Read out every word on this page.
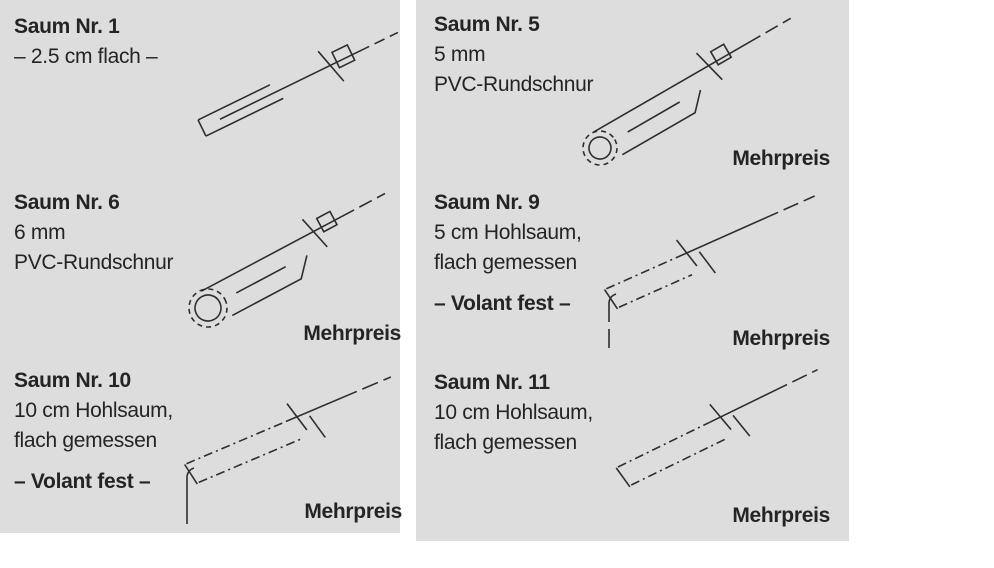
Saum Nr. 1
– 2.5 cm flach –
Saum Nr. 5
5 mm
PVC-Rundschnur
Mehrpreis
Saum Nr. 6
6 mm
PVC-Rundschnur
Mehrpreis
Saum Nr. 9
5 cm Hohlsaum,
flach gemessen
– Volant fest –
Mehrpreis
Saum Nr. 10
10 cm Hohlsaum,
flach gemessen
– Volant fest –
Mehrpreis
Saum Nr. 11
10 cm Hohlsaum,
flach gemessen
Mehrpreis
